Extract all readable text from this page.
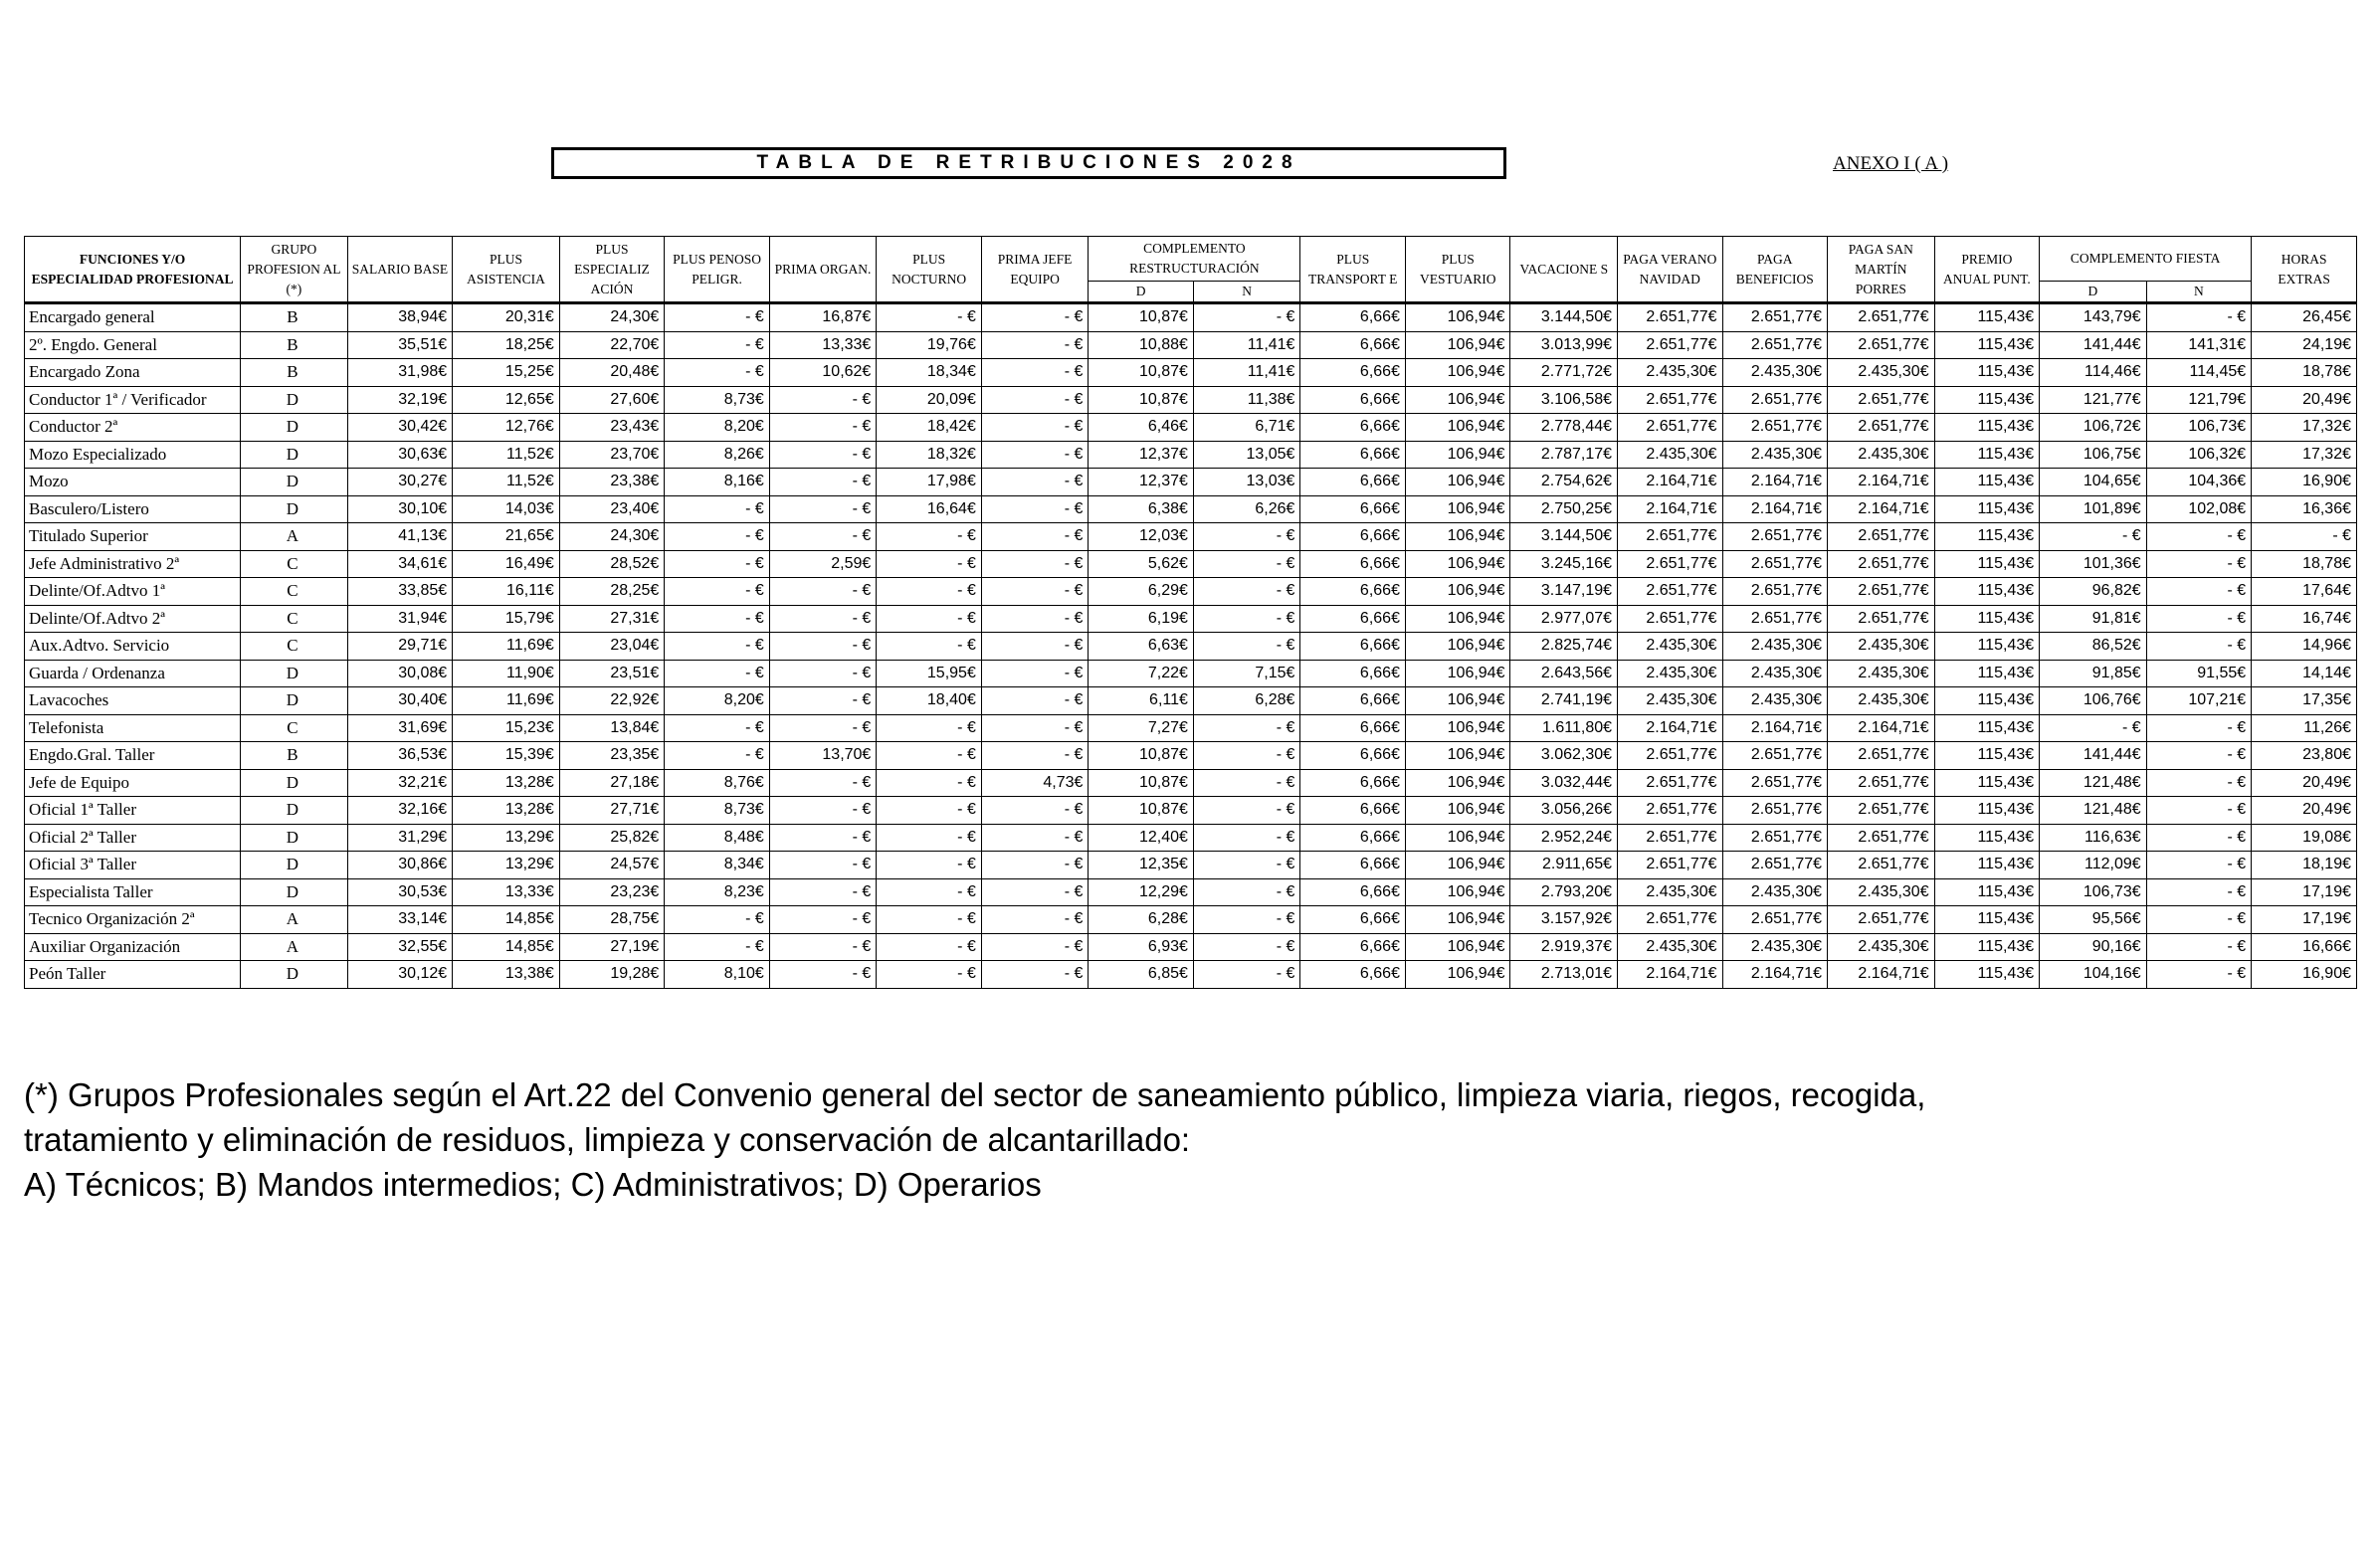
TABLA DE RETRIBUCIONES 2028	ANEXO I ( A )
FUNCIONES Y/O ESPECIALIDAD PROFESIONAL	GRUPO PROFESION AL (*)	SALARIO BASE	PLUS ASISTENCIA	PLUS ESPECIALIZ ACIÓN	PLUS PENOSO PELIGR.	PRIMA ORGAN.	PLUS NOCTURNO	PRIMA JEFE EQUIPO	COMPLEMENTO RESTRUCTURACIÓN		PLUS TRANSPORT E	PLUS VESTUARIO	VACACIONE S	PAGA VERANO NAVIDAD	PAGA BENEFICIOS	PAGA SAN MARTÍN PORRES	PREMIO ANUAL PUNT.	COMPLEMENTO FIESTA		HORAS EXTRAS
									D	N								D	N	
Encargado general	B	38,94€	20,31€	24,30€	- €	16,87€	- €	- €	10,87€	- €	6,66€	106,94€	3.144,50€	2.651,77€	2.651,77€	2.651,77€	115,43€	143,79€	- €	26,45€
2º. Engdo. General	B	35,51€	18,25€	22,70€	- €	13,33€	19,76€	- €	10,88€	11,41€	6,66€	106,94€	3.013,99€	2.651,77€	2.651,77€	2.651,77€	115,43€	141,44€	141,31€	24,19€
Encargado Zona	B	31,98€	15,25€	20,48€	- €	10,62€	18,34€	- €	10,87€	11,41€	6,66€	106,94€	2.771,72€	2.435,30€	2.435,30€	2.435,30€	115,43€	114,46€	114,45€	18,78€
Conductor 1ª / Verificador	D	32,19€	12,65€	27,60€	8,73€	- €	20,09€	- €	10,87€	11,38€	6,66€	106,94€	3.106,58€	2.651,77€	2.651,77€	2.651,77€	115,43€	121,77€	121,79€	20,49€
Conductor 2ª	D	30,42€	12,76€	23,43€	8,20€	- €	18,42€	- €	6,46€	6,71€	6,66€	106,94€	2.778,44€	2.651,77€	2.651,77€	2.651,77€	115,43€	106,72€	106,73€	17,32€
Mozo Especializado	D	30,63€	11,52€	23,70€	8,26€	- €	18,32€	- €	12,37€	13,05€	6,66€	106,94€	2.787,17€	2.435,30€	2.435,30€	2.435,30€	115,43€	106,75€	106,32€	17,32€
Mozo	D	30,27€	11,52€	23,38€	8,16€	- €	17,98€	- €	12,37€	13,03€	6,66€	106,94€	2.754,62€	2.164,71€	2.164,71€	2.164,71€	115,43€	104,65€	104,36€	16,90€
Basculero/Listero	D	30,10€	14,03€	23,40€	- €	- €	16,64€	- €	6,38€	6,26€	6,66€	106,94€	2.750,25€	2.164,71€	2.164,71€	2.164,71€	115,43€	101,89€	102,08€	16,36€
Titulado Superior	A	41,13€	21,65€	24,30€	- €	- €	- €	- €	12,03€	- €	6,66€	106,94€	3.144,50€	2.651,77€	2.651,77€	2.651,77€	115,43€	- €	- €	- €
Jefe Administrativo 2ª	C	34,61€	16,49€	28,52€	- €	2,59€	- €	- €	5,62€	- €	6,66€	106,94€	3.245,16€	2.651,77€	2.651,77€	2.651,77€	115,43€	101,36€	- €	18,78€
Delinte/Of.Adtvo 1ª	C	33,85€	16,11€	28,25€	- €	- €	- €	- €	6,29€	- €	6,66€	106,94€	3.147,19€	2.651,77€	2.651,77€	2.651,77€	115,43€	96,82€	- €	17,64€
Delinte/Of.Adtvo 2ª	C	31,94€	15,79€	27,31€	- €	- €	- €	- €	6,19€	- €	6,66€	106,94€	2.977,07€	2.651,77€	2.651,77€	2.651,77€	115,43€	91,81€	- €	16,74€
Aux.Adtvo. Servicio	C	29,71€	11,69€	23,04€	- €	- €	- €	- €	6,63€	- €	6,66€	106,94€	2.825,74€	2.435,30€	2.435,30€	2.435,30€	115,43€	86,52€	- €	14,96€
Guarda / Ordenanza	D	30,08€	11,90€	23,51€	- €	- €	15,95€	- €	7,22€	7,15€	6,66€	106,94€	2.643,56€	2.435,30€	2.435,30€	2.435,30€	115,43€	91,85€	91,55€	14,14€
Lavacoches	D	30,40€	11,69€	22,92€	8,20€	- €	18,40€	- €	6,11€	6,28€	6,66€	106,94€	2.741,19€	2.435,30€	2.435,30€	2.435,30€	115,43€	106,76€	107,21€	17,35€
Telefonista	C	31,69€	15,23€	13,84€	- €	- €	- €	- €	7,27€	- €	6,66€	106,94€	1.611,80€	2.164,71€	2.164,71€	2.164,71€	115,43€	- €	- €	11,26€
Engdo.Gral. Taller	B	36,53€	15,39€	23,35€	- €	13,70€	- €	- €	10,87€	- €	6,66€	106,94€	3.062,30€	2.651,77€	2.651,77€	2.651,77€	115,43€	141,44€	- €	23,80€
Jefe de Equipo	D	32,21€	13,28€	27,18€	8,76€	- €	- €	4,73€	10,87€	- €	6,66€	106,94€	3.032,44€	2.651,77€	2.651,77€	2.651,77€	115,43€	121,48€	- €	20,49€
Oficial 1ª Taller	D	32,16€	13,28€	27,71€	8,73€	- €	- €	- €	10,87€	- €	6,66€	106,94€	3.056,26€	2.651,77€	2.651,77€	2.651,77€	115,43€	121,48€	- €	20,49€
Oficial 2ª Taller	D	31,29€	13,29€	25,82€	8,48€	- €	- €	- €	12,40€	- €	6,66€	106,94€	2.952,24€	2.651,77€	2.651,77€	2.651,77€	115,43€	116,63€	- €	19,08€
Oficial 3ª Taller	D	30,86€	13,29€	24,57€	8,34€	- €	- €	- €	12,35€	- €	6,66€	106,94€	2.911,65€	2.651,77€	2.651,77€	2.651,77€	115,43€	112,09€	- €	18,19€
Especialista Taller	D	30,53€	13,33€	23,23€	8,23€	- €	- €	- €	12,29€	- €	6,66€	106,94€	2.793,20€	2.435,30€	2.435,30€	2.435,30€	115,43€	106,73€	- €	17,19€
Tecnico Organización 2ª	A	33,14€	14,85€	28,75€	- €	- €	- €	- €	6,28€	- €	6,66€	106,94€	3.157,92€	2.651,77€	2.651,77€	2.651,77€	115,43€	95,56€	- €	17,19€
Auxiliar Organización	A	32,55€	14,85€	27,19€	- €	- €	- €	- €	6,93€	- €	6,66€	106,94€	2.919,37€	2.435,30€	2.435,30€	2.435,30€	115,43€	90,16€	- €	16,66€
Peón Taller	D	30,12€	13,38€	19,28€	8,10€	- €	- €	- €	6,85€	- €	6,66€	106,94€	2.713,01€	2.164,71€	2.164,71€	2.164,71€	115,43€	104,16€	- €	16,90€
(*) Grupos Profesionales según el Art.22 del Convenio general del sector de saneamiento público, limpieza viaria, riegos, recogida,
tratamiento y eliminación de residuos, limpieza y conservación de alcantarillado:
A) Técnicos; B) Mandos intermedios; C) Administrativos; D) Operarios
